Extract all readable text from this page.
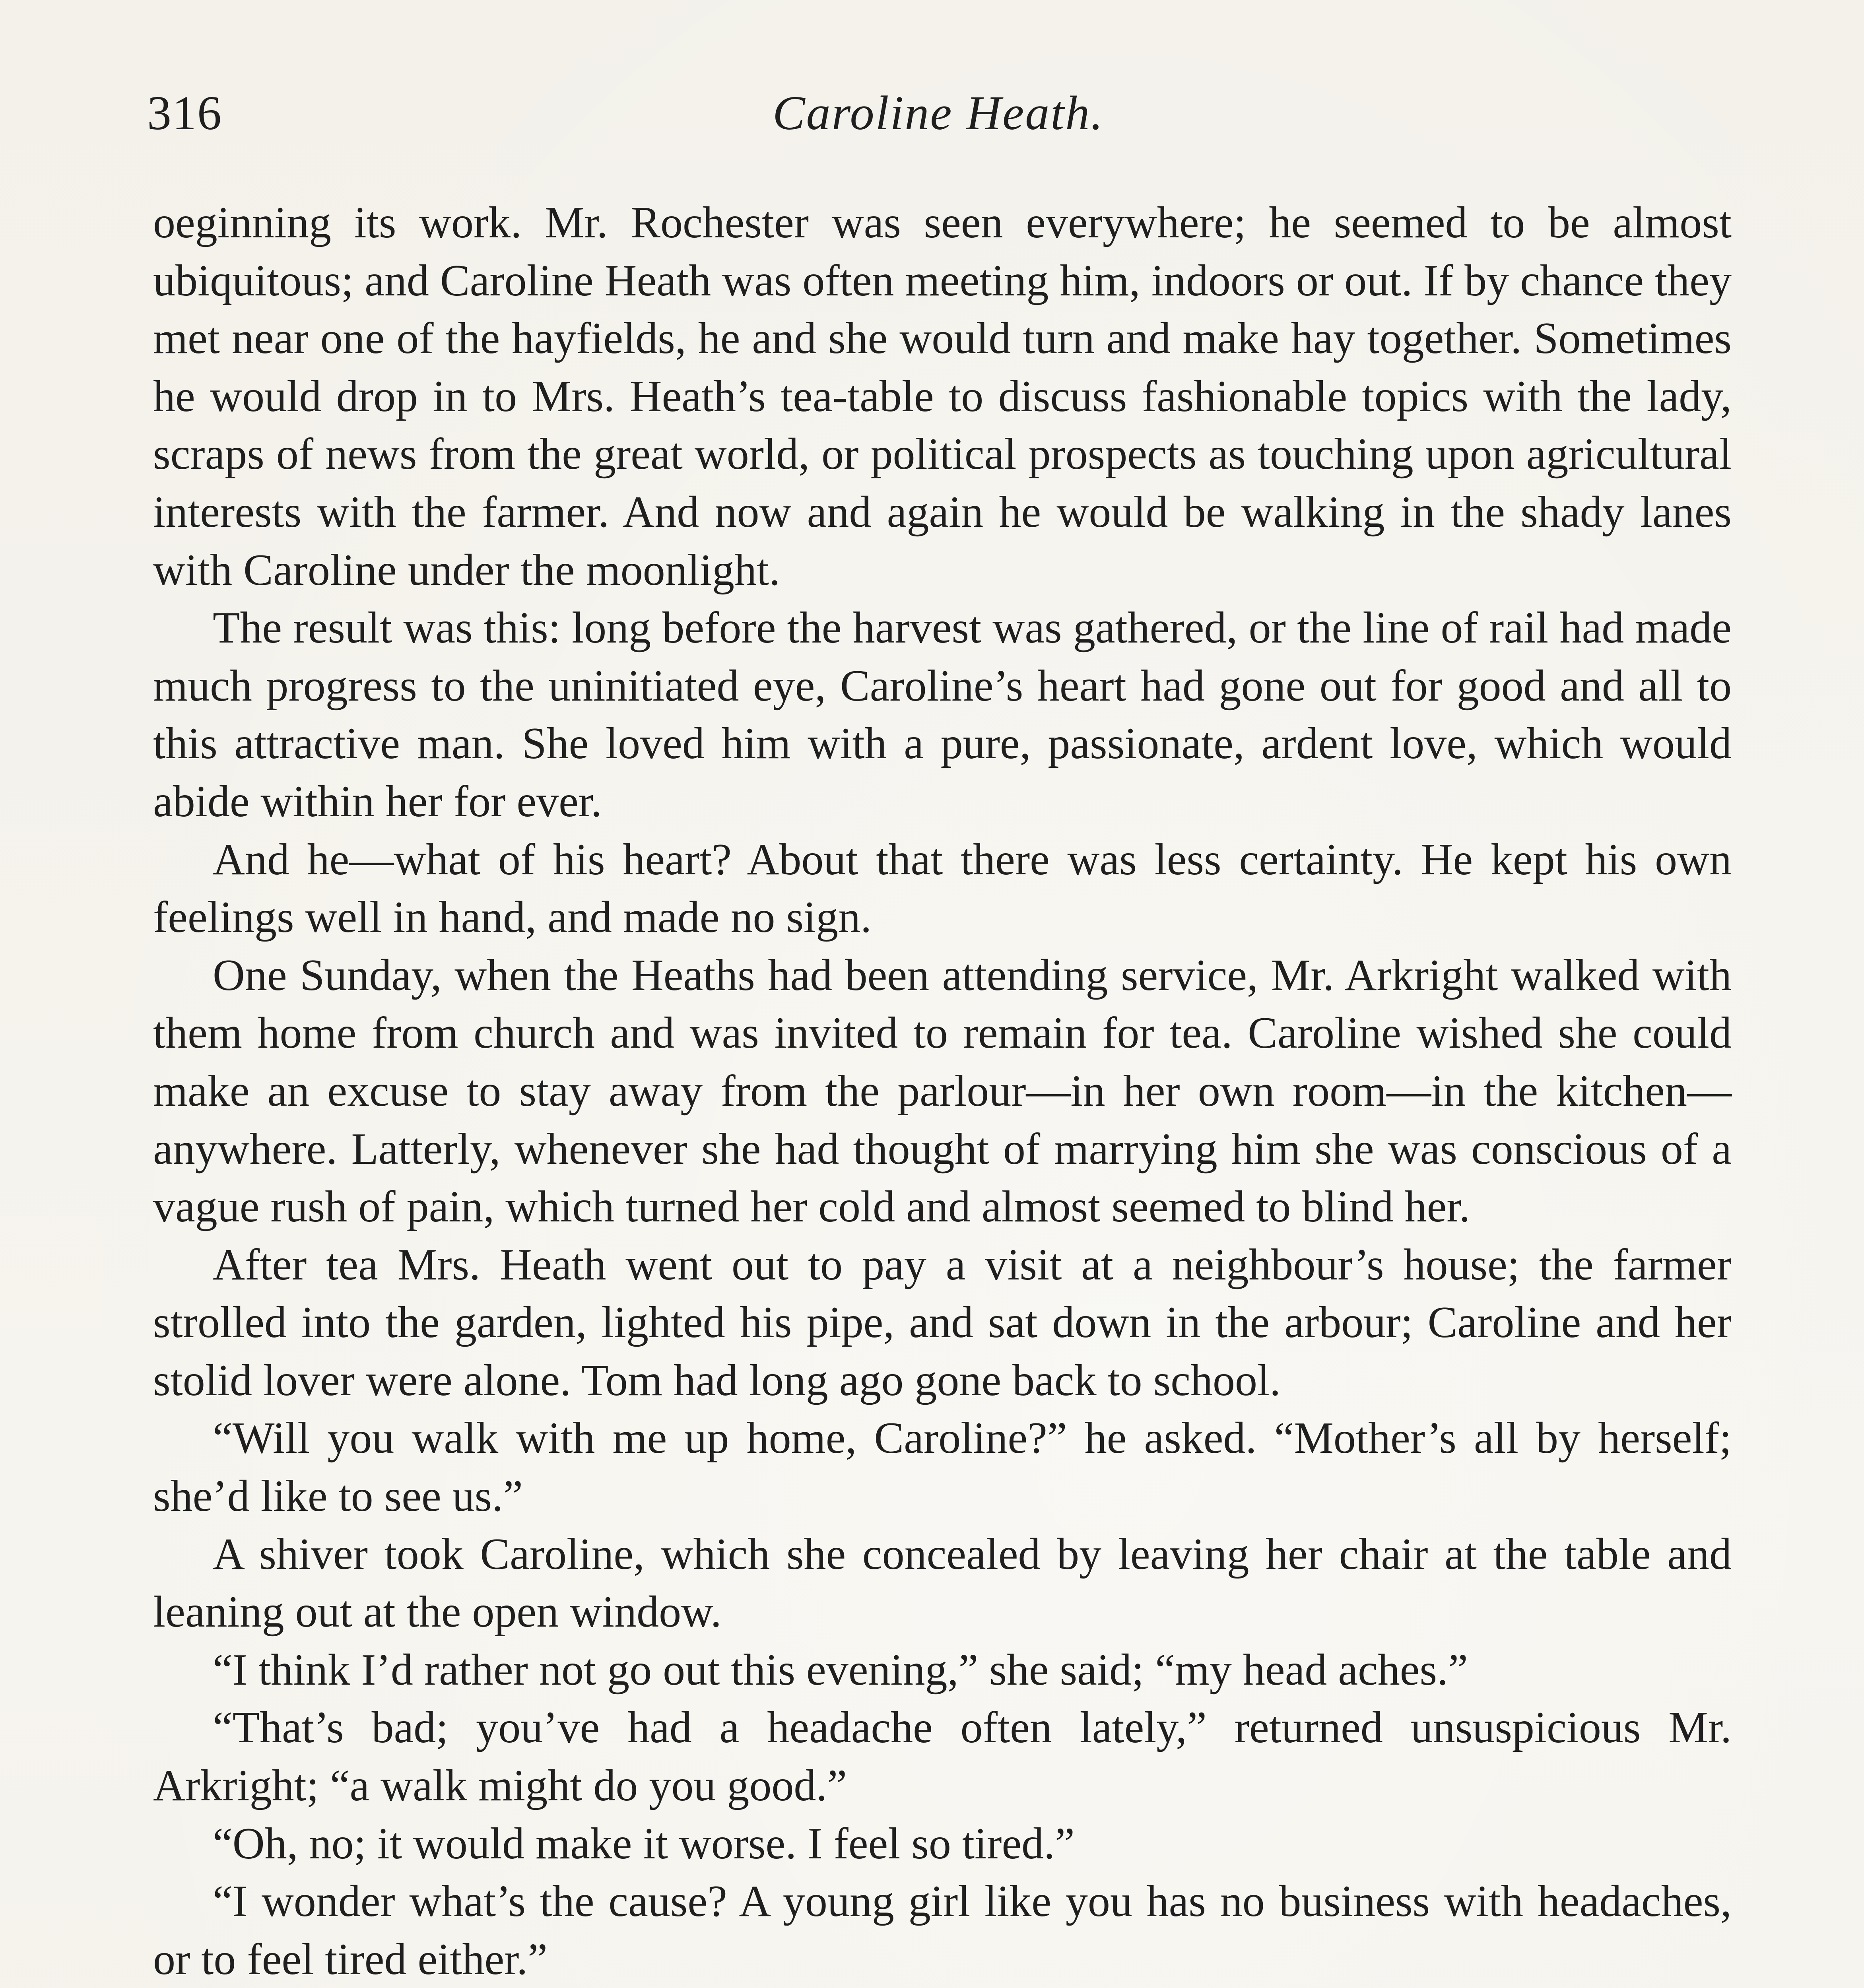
316	Caroline Heath.

oeginning its work. Mr. Rochester was seen everywhere; he seemed to be almost ubiquitous; and Caroline Heath was often meeting him, indoors or out. If by chance they met near one of the hayfields, he and she would turn and make hay together. Sometimes he would drop in to Mrs. Heath’s tea-table to discuss fashionable topics with the lady, scraps of news from the great world, or political prospects as touching upon agricultural interests with the farmer. And now and again he would be walking in the shady lanes with Caroline under the moonlight.

The result was this: long before the harvest was gathered, or the line of rail had made much progress to the uninitiated eye, Caroline’s heart had gone out for good and all to this attractive man. She loved him with a pure, passionate, ardent love, which would abide within her for ever.

And he—what of his heart? About that there was less certainty. He kept his own feelings well in hand, and made no sign.

One Sunday, when the Heaths had been attending service, Mr. Arkright walked with them home from church and was invited to remain for tea. Caroline wished she could make an excuse to stay away from the parlour—in her own room—in the kitchen—anywhere. Latterly, whenever she had thought of marrying him she was conscious of a vague rush of pain, which turned her cold and almost seemed to blind her.

After tea Mrs. Heath went out to pay a visit at a neighbour’s house; the farmer strolled into the garden, lighted his pipe, and sat down in the arbour; Caroline and her stolid lover were alone. Tom had long ago gone back to school.

“Will you walk with me up home, Caroline?” he asked. “Mother’s all by herself; she’d like to see us.”

A shiver took Caroline, which she concealed by leaving her chair at the table and leaning out at the open window.

“I think I’d rather not go out this evening,” she said; “my head aches.”

“That’s bad; you’ve had a headache often lately,” returned unsuspicious Mr. Arkright; “a walk might do you good.”

“Oh, no; it would make it worse. I feel so tired.”

“I wonder what’s the cause? A young girl like you has no business with headaches, or to feel tired either.”
